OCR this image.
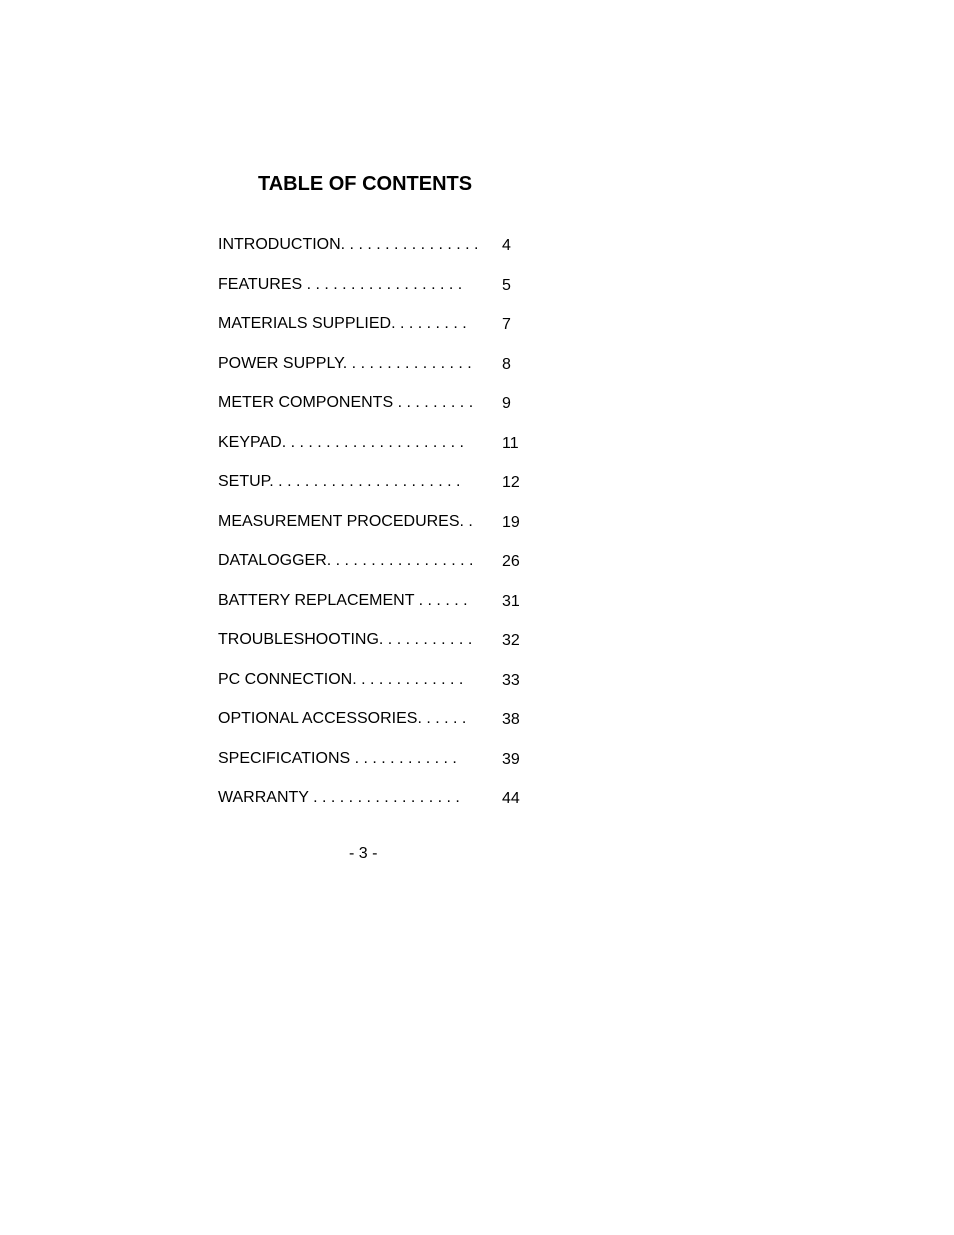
TABLE OF CONTENTS
INTRODUCTION. . . . . . . . . . . . . . . . 4
FEATURES . . . . . . . . . . . . . . . . . . 5
MATERIALS SUPPLIED. . . . . . . . . 7
POWER SUPPLY. . . . . . . . . . . . . . . 8
METER COMPONENTS . . . . . . . . . 9
KEYPAD. . . . . . . . . . . . . . . . . . . . . 11
SETUP. . . . . . . . . . . . . . . . . . . . . .	12
MEASUREMENT PROCEDURES. . 19
DATALOGGER. . . . . . . . . . . . . . . . . 26
BATTERY REPLACEMENT . . . . . . 31
TROUBLESHOOTING. . . . . . . . . . . 32
PC CONNECTION. . . . . . . . . . . . . 33
OPTIONAL ACCESSORIES. . . . . . 38
SPECIFICATIONS . . . . . . . . . . . .	39
WARRANTY . . . . . . . . . . . . . . . . .	44
- 3 -
